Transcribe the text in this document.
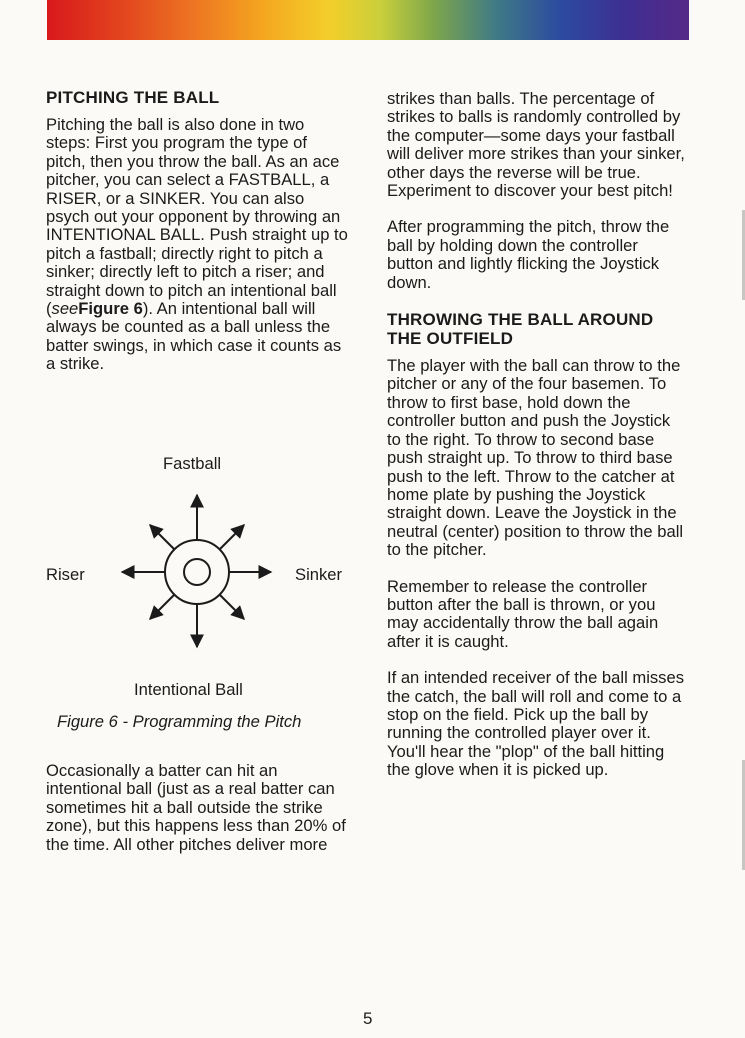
PITCHING THE BALL

Pitching the ball is also done in two steps: First you program the type of pitch, then you throw the ball. As an ace pitcher, you can select a FASTBALL, a RISER, or a SINKER. You can also psych out your opponent by throwing an INTENTIONAL BALL. Push straight up to pitch a fastball; directly right to pitch a sinker; directly left to pitch a riser; and straight down to pitch an intentional ball (seeFigure 6). An intentional ball will always be counted as a ball unless the batter swings, in which case it counts as a strike.

Occasionally a batter can hit an intentional ball (just as a real batter can sometimes hit a ball outside the strike zone), but this happens less than 20% of the time. All other pitches deliver more

Fastball
Riser	Sinker
Intentional Ball
Figure 6 - Programming the Pitch

strikes than balls. The percentage of strikes to balls is randomly controlled by the computer—some days your fastball will deliver more strikes than your sinker, other days the reverse will be true. Experiment to discover your best pitch!

After programming the pitch, throw the ball by holding down the controller button and lightly flicking the Joystick down.

THROWING THE BALL AROUND THE OUTFIELD

The player with the ball can throw to the pitcher or any of the four basemen. To throw to first base, hold down the controller button and push the Joystick to the right. To throw to second base push straight up. To throw to third base push to the left. Throw to the catcher at home plate by pushing the Joystick straight down. Leave the Joystick in the neutral (center) position to throw the ball to the pitcher.

Remember to release the controller button after the ball is thrown, or you may accidentally throw the ball again after it is caught.

If an intended receiver of the ball misses the catch, the ball will roll and come to a stop on the field. Pick up the ball by running the controlled player over it. You'll hear the "plop" of the ball hitting the glove when it is picked up.

5
